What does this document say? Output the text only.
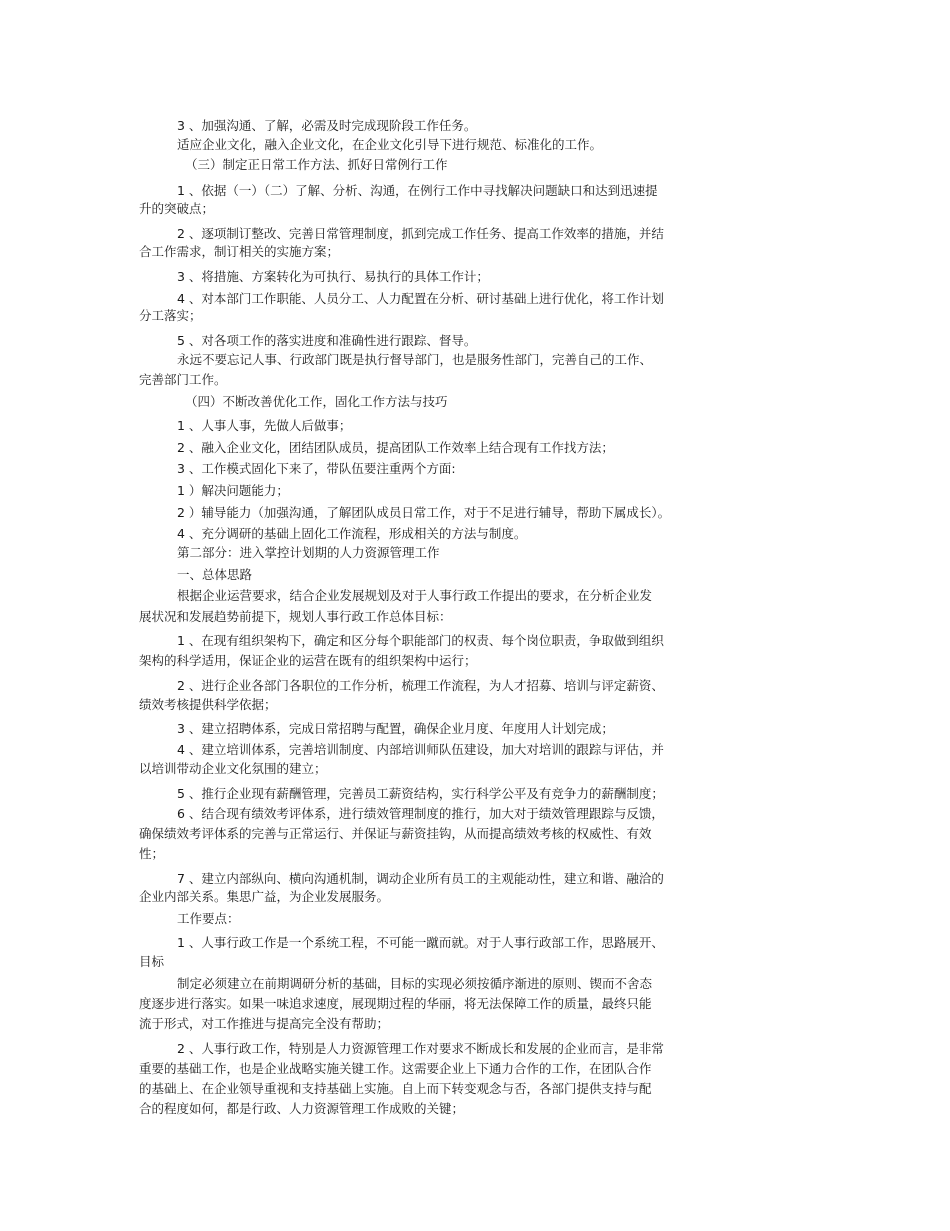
3 、加强沟通、了解，必需及时完成现阶段工作任务。

适应企业文化，融入企业文化，在企业文化引导下进行规范、标准化的工作。

（三）制定正日常工作方法、抓好日常例行工作

1 、依据（一）（二）了解、分析、沟通，在例行工作中寻找解决问题缺口和达到迅速提

升的突破点；

2 、逐项制订整改、完善日常管理制度，抓到完成工作任务、提高工作效率的措施，并结

合工作需求，制订相关的实施方案；

3 、将措施、方案转化为可执行、易执行的具体工作计；

4 、对本部门工作职能、人员分工、人力配置在分析、研讨基础上进行优化，将工作计划

分工落实；

5 、对各项工作的落实进度和准确性进行跟踪、督导。

永远不要忘记人事、行政部门既是执行督导部门，也是服务性部门，完善自己的工作、

完善部门工作。

（四）不断改善优化工作，固化工作方法与技巧

1 、人事人事，先做人后做事；

2 、融入企业文化，团结团队成员，提高团队工作效率上结合现有工作找方法；

3 、工作模式固化下来了，带队伍要注重两个方面:

1 ）解决问题能力；

2 ）辅导能力（加强沟通，了解团队成员日常工作，对于不足进行辅导，帮助下属成长）。

4 、充分调研的基础上固化工作流程，形成相关的方法与制度。

第二部分：进入掌控计划期的人力资源管理工作

一、总体思路

根据企业运营要求，结合企业发展规划及对于人事行政工作提出的要求，在分析企业发

展状况和发展趋势前提下，规划人事行政工作总体目标：

1 、在现有组织架构下，确定和区分每个职能部门的权责、每个岗位职责，争取做到组织

架构的科学适用，保证企业的运营在既有的组织架构中运行；

2 、进行企业各部门各职位的工作分析，梳理工作流程，为人才招募、培训与评定薪资、

绩效考核提供科学依据；

3 、建立招聘体系，完成日常招聘与配置，确保企业月度、年度用人计划完成；

4 、建立培训体系，完善培训制度、内部培训师队伍建设，加大对培训的跟踪与评估，并

以培训带动企业文化氛围的建立；

5 、推行企业现有薪酬管理，完善员工薪资结构，实行科学公平及有竞争力的薪酬制度；

6 、结合现有绩效考评体系，进行绩效管理制度的推行，加大对于绩效管理跟踪与反馈，

确保绩效考评体系的完善与正常运行、并保证与薪资挂钩，从而提高绩效考核的权威性、有效

性；

7 、建立内部纵向、横向沟通机制，调动企业所有员工的主观能动性，建立和谐、融洽的

企业内部关系。集思广益，为企业发展服务。

工作要点：

1 、人事行政工作是一个系统工程，不可能一蹴而就。对于人事行政部工作，思路展开、

目标

制定必须建立在前期调研分析的基础，目标的实现必须按循序渐进的原则、锲而不舍态

度逐步进行落实。如果一味追求速度，展现期过程的华丽，将无法保障工作的质量，最终只能

流于形式，对工作推进与提高完全没有帮助；

2 、人事行政工作，特别是人力资源管理工作对要求不断成长和发展的企业而言，是非常

重要的基础工作，也是企业战略实施关键工作。这需要企业上下通力合作的工作，在团队合作

的基础上、在企业领导重视和支持基础上实施。自上而下转变观念与否，各部门提供支持与配

合的程度如何，都是行政、人力资源管理工作成败的关键；
